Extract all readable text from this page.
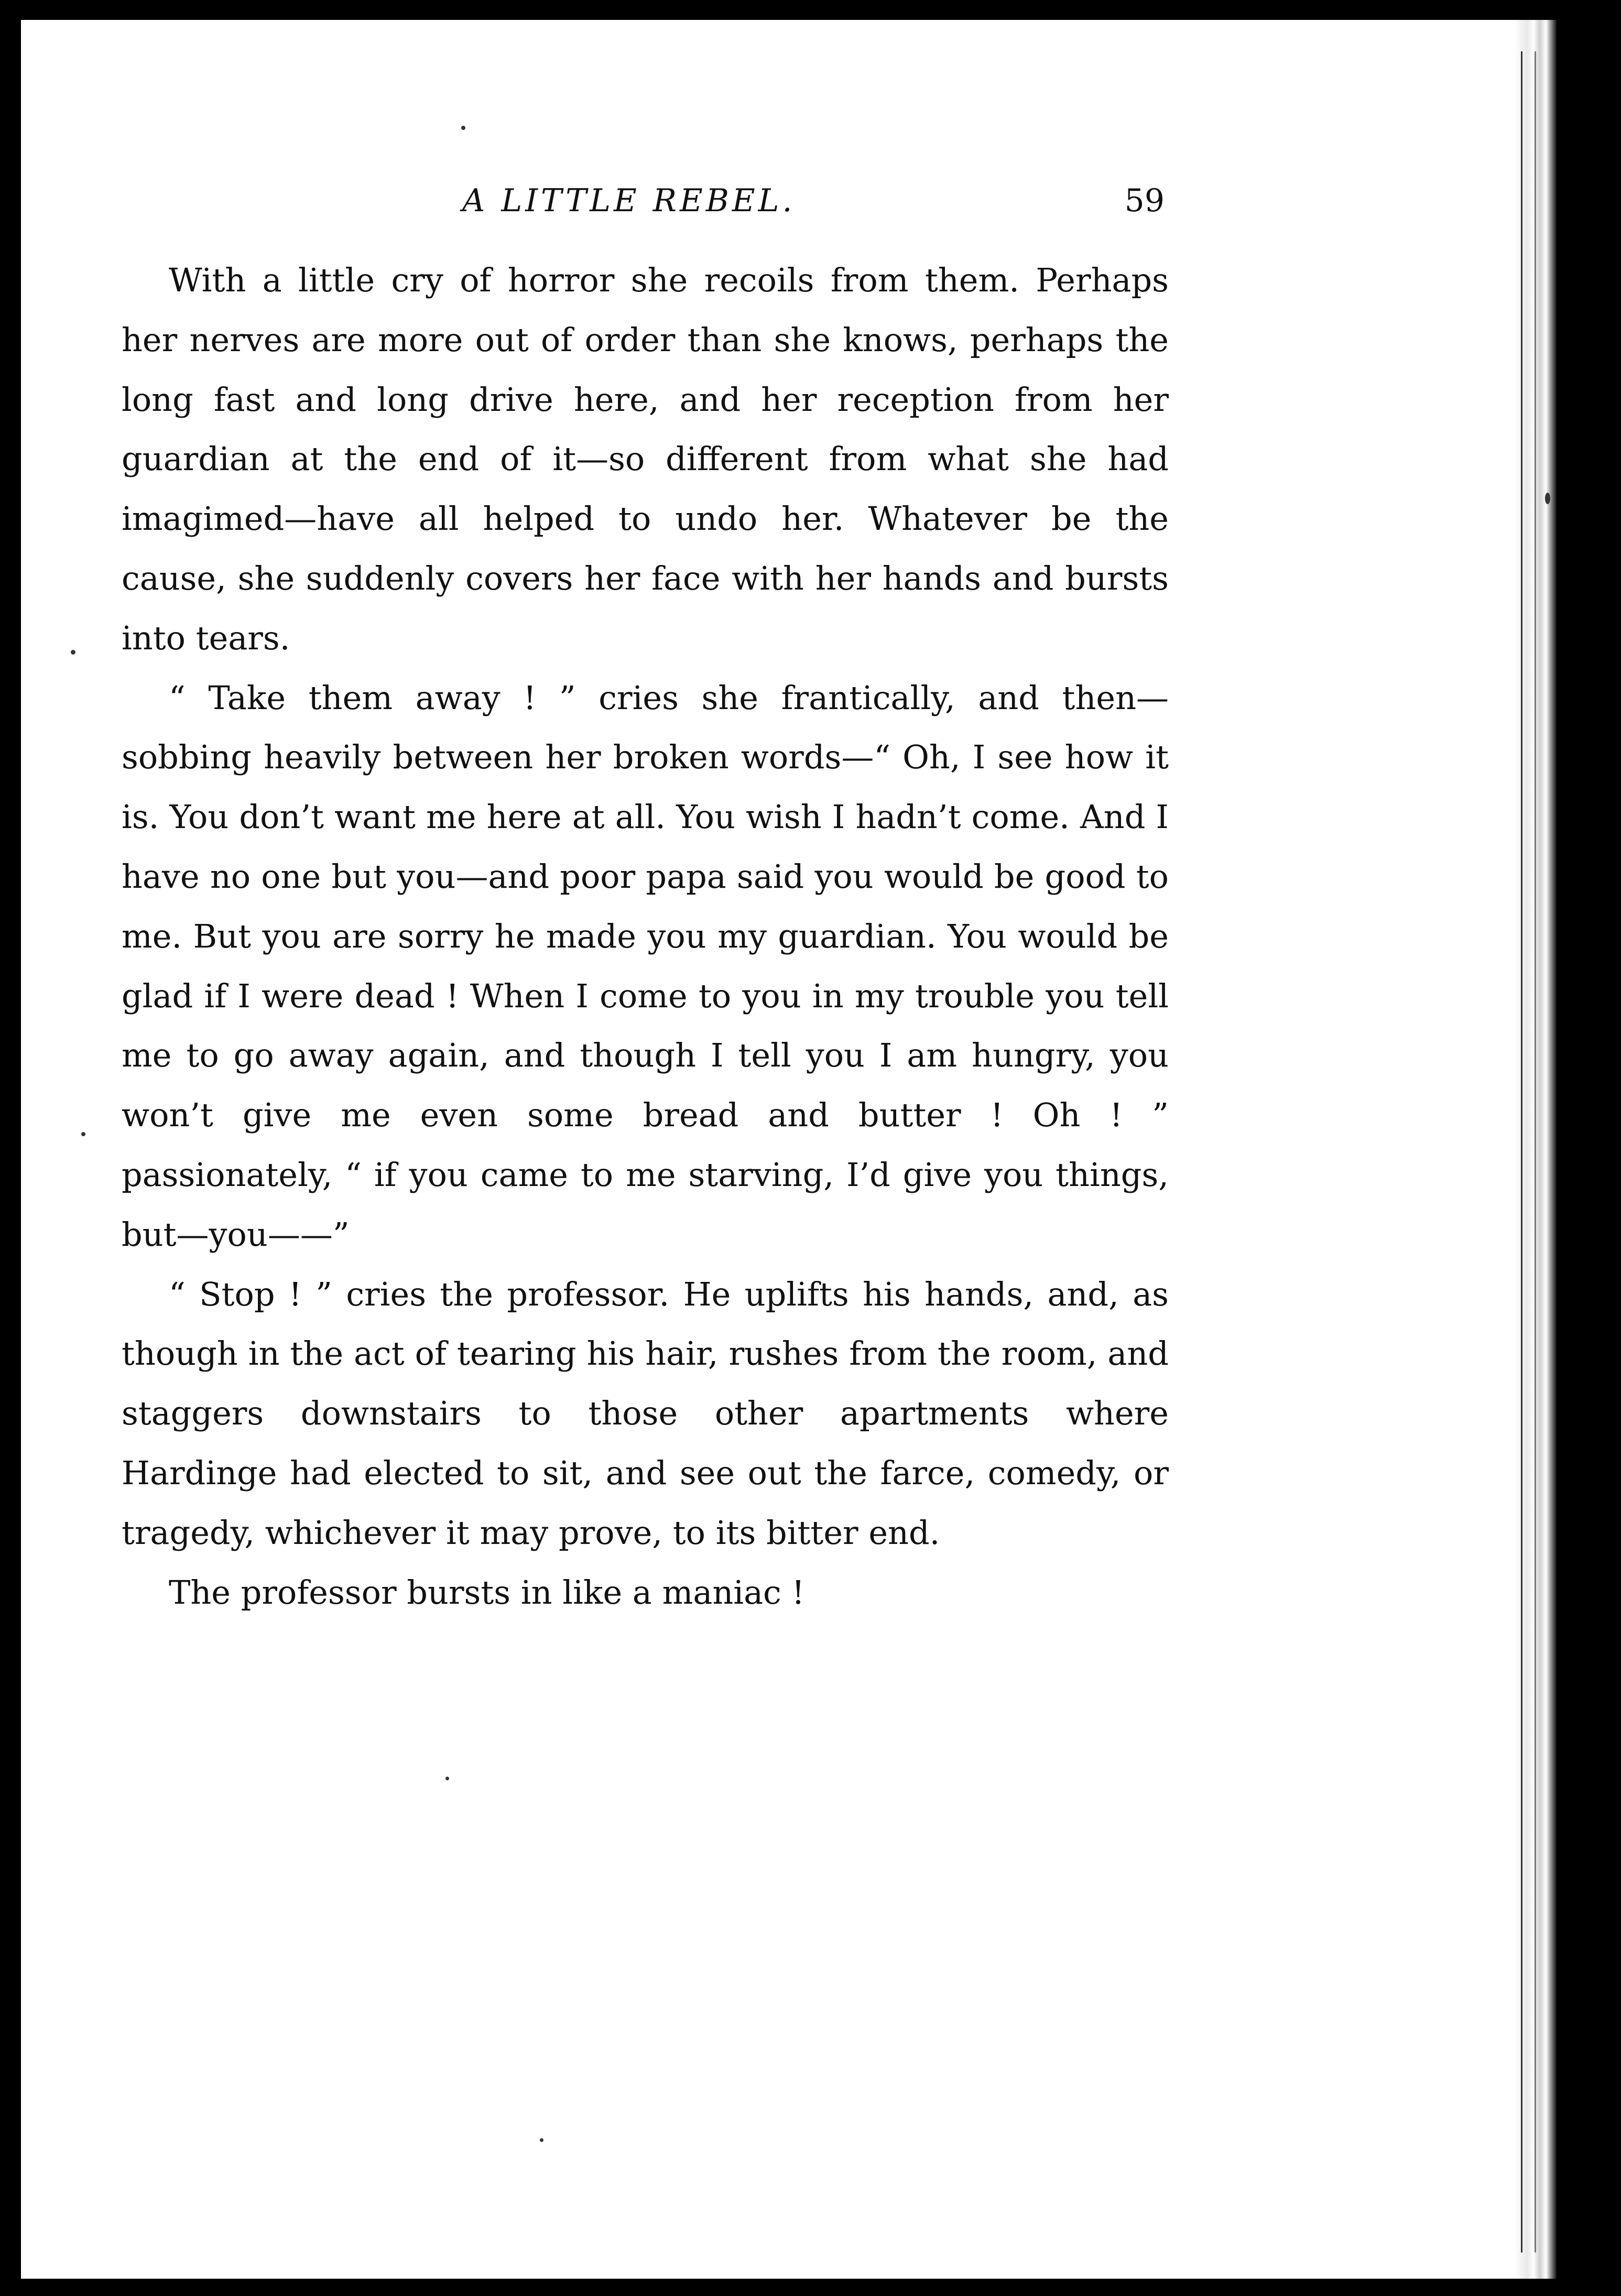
A LITTLE REBEL.	59

With a little cry of horror she recoils from them. Perhaps her nerves are more out of order than she knows, perhaps the long fast and long drive here, and her reception from her guardian at the end of it—so different from what she had imagimed—have all helped to undo her. Whatever be the cause, she suddenly covers her face with her hands and bursts into tears.

“ Take them away ! ” cries she frantically, and then—sobbing heavily between her broken words—“ Oh, I see how it is. You don’t want me here at all. You wish I hadn’t come. And I have no one but you—and poor papa said you would be good to me. But you are sorry he made you my guardian. You would be glad if I were dead ! When I come to you in my trouble you tell me to go away again, and though I tell you I am hungry, you won’t give me even some bread and butter ! Oh ! ” passionately, “ if you came to me starving, I’d give you things, but—you——”

“ Stop ! ” cries the professor. He uplifts his hands, and, as though in the act of tearing his hair, rushes from the room, and staggers downstairs to those other apartments where Hardinge had elected to sit, and see out the farce, comedy, or tragedy, whichever it may prove, to its bitter end.

The professor bursts in like a maniac !
